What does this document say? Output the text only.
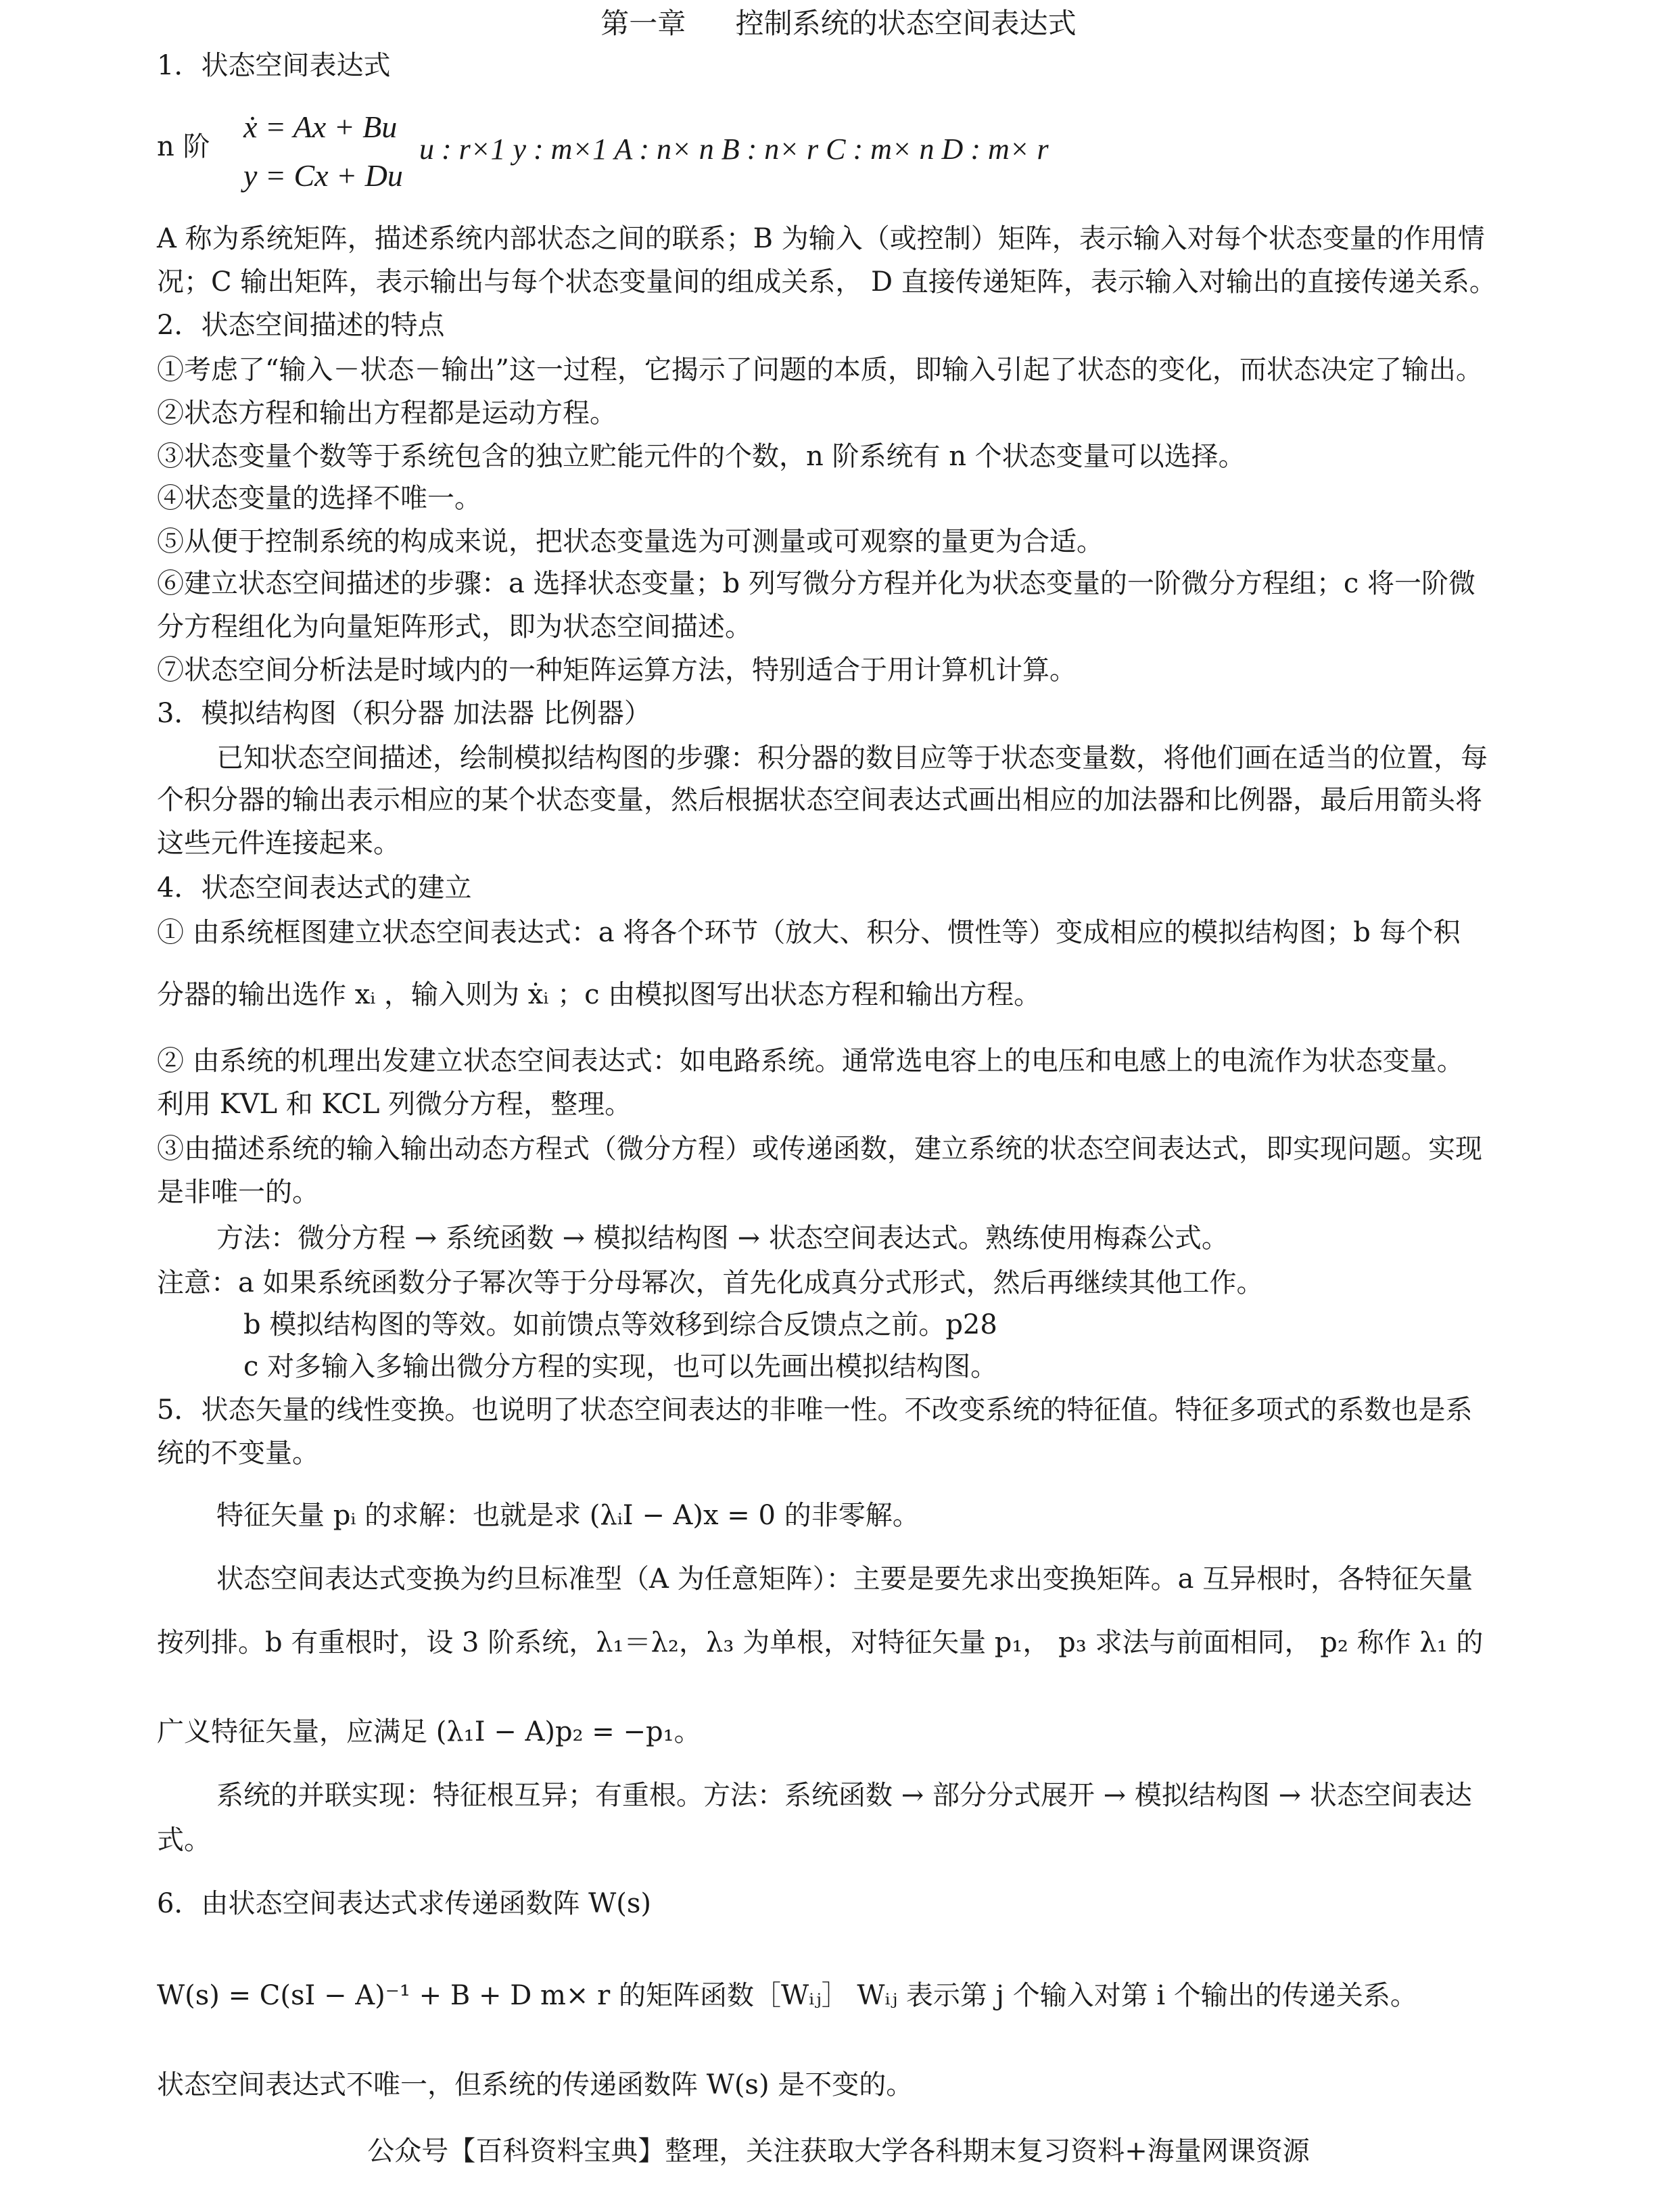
第一章 控制系统的状态空间表达式
1．状态空间表达式
n 阶
ẋ = Ax + Bu
y = Cx + Du
u : r×1 y : m×1 A : n× n B : n× r C : m× n D : m× r
A 称为系统矩阵，描述系统内部状态之间的联系；B 为输入（或控制）矩阵，表示输入对每个状态变量的作用情
况；C 输出矩阵，表示输出与每个状态变量间的组成关系， D 直接传递矩阵，表示输入对输出的直接传递关系。
2．状态空间描述的特点
①考虑了“输入－状态－输出”这一过程，它揭示了问题的本质，即输入引起了状态的变化，而状态决定了输出。
②状态方程和输出方程都是运动方程。
③状态变量个数等于系统包含的独立贮能元件的个数，n 阶系统有 n 个状态变量可以选择。
④状态变量的选择不唯一。
⑤从便于控制系统的构成来说，把状态变量选为可测量或可观察的量更为合适。
⑥建立状态空间描述的步骤：a 选择状态变量；b 列写微分方程并化为状态变量的一阶微分方程组；c 将一阶微
分方程组化为向量矩阵形式，即为状态空间描述。
⑦状态空间分析法是时域内的一种矩阵运算方法，特别适合于用计算机计算。
3．模拟结构图（积分器 加法器 比例器）
已知状态空间描述，绘制模拟结构图的步骤：积分器的数目应等于状态变量数，将他们画在适当的位置，每
个积分器的输出表示相应的某个状态变量，然后根据状态空间表达式画出相应的加法器和比例器，最后用箭头将
这些元件连接起来。
4．状态空间表达式的建立
① 由系统框图建立状态空间表达式：a 将各个环节（放大、积分、惯性等）变成相应的模拟结构图；b 每个积
分器的输出选作 xᵢ ，输入则为 ẋᵢ ；c 由模拟图写出状态方程和输出方程。
② 由系统的机理出发建立状态空间表达式：如电路系统。通常选电容上的电压和电感上的电流作为状态变量。
利用 KVL 和 KCL 列微分方程，整理。
③由描述系统的输入输出动态方程式（微分方程）或传递函数，建立系统的状态空间表达式，即实现问题。实现
是非唯一的。
方法：微分方程 → 系统函数 → 模拟结构图 → 状态空间表达式。熟练使用梅森公式。
注意：a 如果系统函数分子幂次等于分母幂次，首先化成真分式形式，然后再继续其他工作。
b 模拟结构图的等效。如前馈点等效移到综合反馈点之前。p28
c 对多输入多输出微分方程的实现，也可以先画出模拟结构图。
5．状态矢量的线性变换。也说明了状态空间表达的非唯一性。不改变系统的特征值。特征多项式的系数也是系
统的不变量。
特征矢量 pᵢ 的求解：也就是求 (λᵢI − A)x = 0 的非零解。
状态空间表达式变换为约旦标准型（A 为任意矩阵）：主要是要先求出变换矩阵。a 互异根时，各特征矢量
按列排。b 有重根时，设 3 阶系统，λ₁＝λ₂，λ₃ 为单根，对特征矢量 p₁， p₃ 求法与前面相同， p₂ 称作 λ₁ 的
广义特征矢量，应满足 (λ₁I − A)p₂ = −p₁。
系统的并联实现：特征根互异；有重根。方法：系统函数 → 部分分式展开 → 模拟结构图 → 状态空间表达
式。
6．由状态空间表达式求传递函数阵 W(s)
W(s) = C(sI − A)⁻¹ + B + D m× r 的矩阵函数［Wᵢⱼ］ Wᵢⱼ 表示第 j 个输入对第 i 个输出的传递关系。
状态空间表达式不唯一，但系统的传递函数阵 W(s) 是不变的。
公众号【百科资料宝典】整理，关注获取大学各科期末复习资料+海量网课资源
